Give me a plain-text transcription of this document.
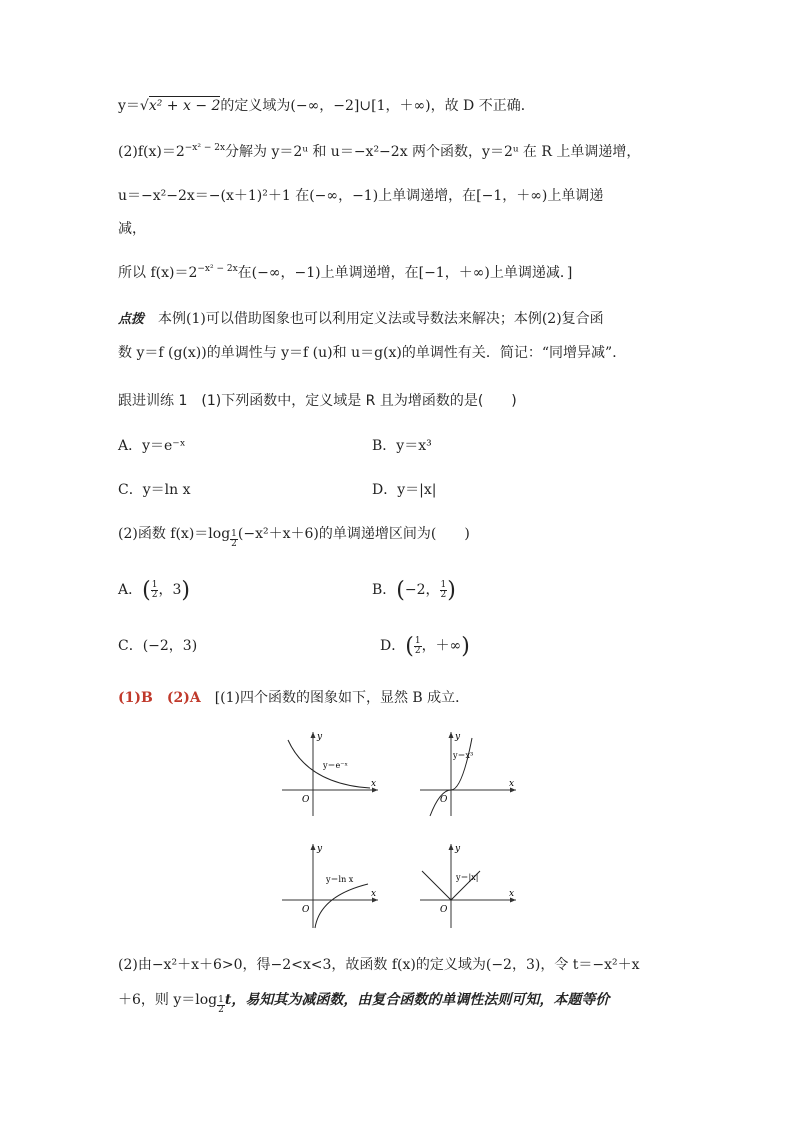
y＝√x² + x − 2的定义域为(−∞，−2]∪[1，＋∞)，故 D 不正确．
$(2)f(x)=2^{-x^2 - 2x}$分解为 y＝2ᵘ 和 u＝−x²−2x 两个函数，y＝2ᵘ 在 R 上单调递增，
u＝−x²−2x＝−(x＋1)²＋1 在(−∞，−1)上单调递增，在[−1，＋∞)上单调递
减，
所以 $f(x)=2^{-x^2 - 2x}$在(−∞，−1)上单调递增，在[−1，＋∞)上单调递减．]
点拨　 本例(1)可以借助图象也可以利用定义法或导数法来解决；本例(2)复合函
数 y＝f (g(x))的单调性与 y＝f (u)和 u＝g(x)的单调性有关．简记：“同增异减”．
跟进训练 1　(1)下列函数中，定义域是 R 且为增函数的是(　　)
A．y＝e⁻ˣ	B．y＝x³
C．y＝ln x	D．y＝|x|
(2)函数 $f(x)=\log \frac{1}{2} (-x^2+x+6)$的单调递增区间为(　　)
A．( $\frac{1}{2}$ ，3)	B．(−2， $\frac{1}{2}$ )
C．(−2，3)	D．( $\frac{1}{2}$ ，＋∞)
(1)B　 (2)A　 [(1)四个函数的图象如下，显然 B 成立．
y
x
O
y＝e⁻ˣ
y
x
O
y＝x³
y
x
O
y＝ln x
y
x
O
y＝|x|
(2)由−x²＋x＋6>0，得−2<x<3，故函数 f(x)的定义域为(−2，3)，令 t＝−x²＋x
＋6，则 $y=\log \frac{1}{2}$ t，易知其为减函数，由复合函数的单调性法则可知，本题等价
